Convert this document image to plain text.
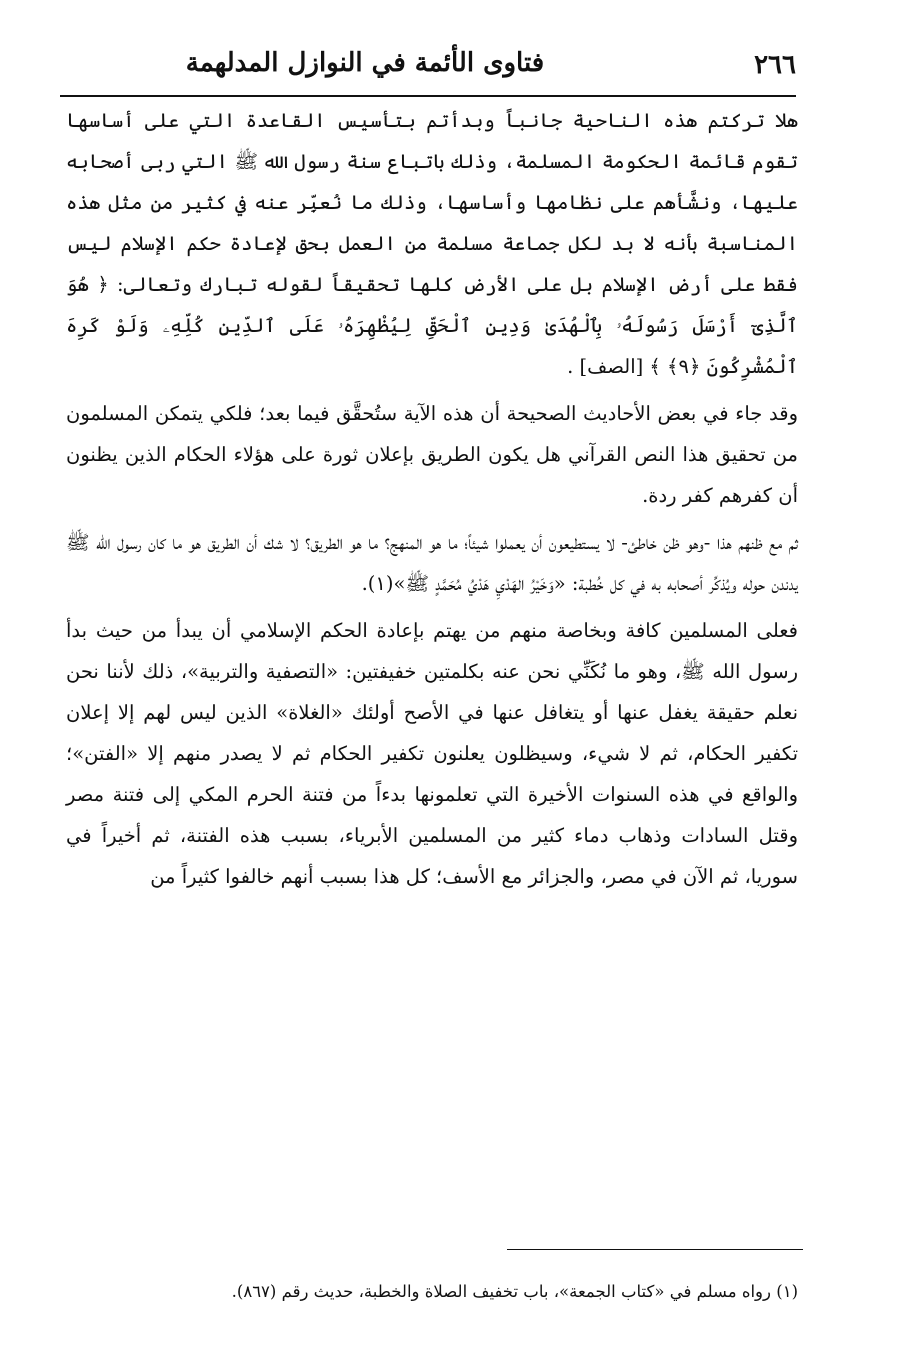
فتاوى الأئمة في النوازل المدلهمة	٢٦٦

هلا تركتم هذه الناحية جانباً وبدأتم بتأسيس القاعدة التي على أساسها تقوم قائمة الحكومة المسلمة، وذلك باتباع سنة رسول الله ﷺ التي ربى أصحابه عليها، ونشَّأهم على نظامها وأساسها، وذلك ما نُعبِّر عنه في كثير من مثل هذه المناسبة بأنه لا بد لكل جماعة مسلمة من العمل بحق لإعادة حكم الإسلام ليس فقط على أرض الإسلام بل على الأرض كلها تحقيقاً لقوله تبارك وتعالى: ﴿ هُوَ ٱلَّذِىٓ أَرْسَلَ رَسُولَهُۥ بِٱلْهُدَىٰ وَدِينِ ٱلْحَقِّ لِيُظْهِرَهُۥ عَلَى ٱلدِّينِ كُلِّهِۦ وَلَوْ كَرِهَ ٱلْمُشْرِكُونَ ﴿٩﴾ ﴾ [الصف] .

وقد جاء في بعض الأحاديث الصحيحة أن هذه الآية ستُحقَّق فيما بعد؛ فلكي يتمكن المسلمون من تحقيق هذا النص القرآني هل يكون الطريق بإعلان ثورة على هؤلاء الحكام الذين يظنون أن كفرهم كفر ردة.

ثم مع ظنهم هذا -وهو ظن خاطئ- لا يستطيعون أن يعملوا شيئاً؛ ما هو المنهج؟ ما هو الطريق؟ لا شك أن الطريق هو ما كان رسول الله ﷺ يدندن حوله ويُذكِّر أصحابه به في كل خُطبة: «وَخَيْرُ الهَدْيِ هَدْيُ مُحَمَّدٍ ﷺ»(١).

فعلى المسلمين كافة وبخاصة منهم من يهتم بإعادة الحكم الإسلامي أن يبدأ من حيث بدأ رسول الله ﷺ، وهو ما نُكَنِّي نحن عنه بكلمتين خفيفتين: «التصفية والتربية»، ذلك لأننا نحن نعلم حقيقة يغفل عنها أو يتغافل عنها في الأصح أولئك «الغلاة» الذين ليس لهم إلا إعلان تكفير الحكام، ثم لا شيء، وسيظلون يعلنون تكفير الحكام ثم لا يصدر منهم إلا «الفتن»؛ والواقع في هذه السنوات الأخيرة التي تعلمونها بدءاً من فتنة الحرم المكي إلى فتنة مصر وقتل السادات وذهاب دماء كثير من المسلمين الأبرياء، بسبب هذه الفتنة، ثم أخيراً في سوريا، ثم الآن في مصر، والجزائر مع الأسف؛ كل هذا بسبب أنهم خالفوا كثيراً من

(١) رواه مسلم في «كتاب الجمعة»، باب تخفيف الصلاة والخطبة، حديث رقم (٨٦٧).
